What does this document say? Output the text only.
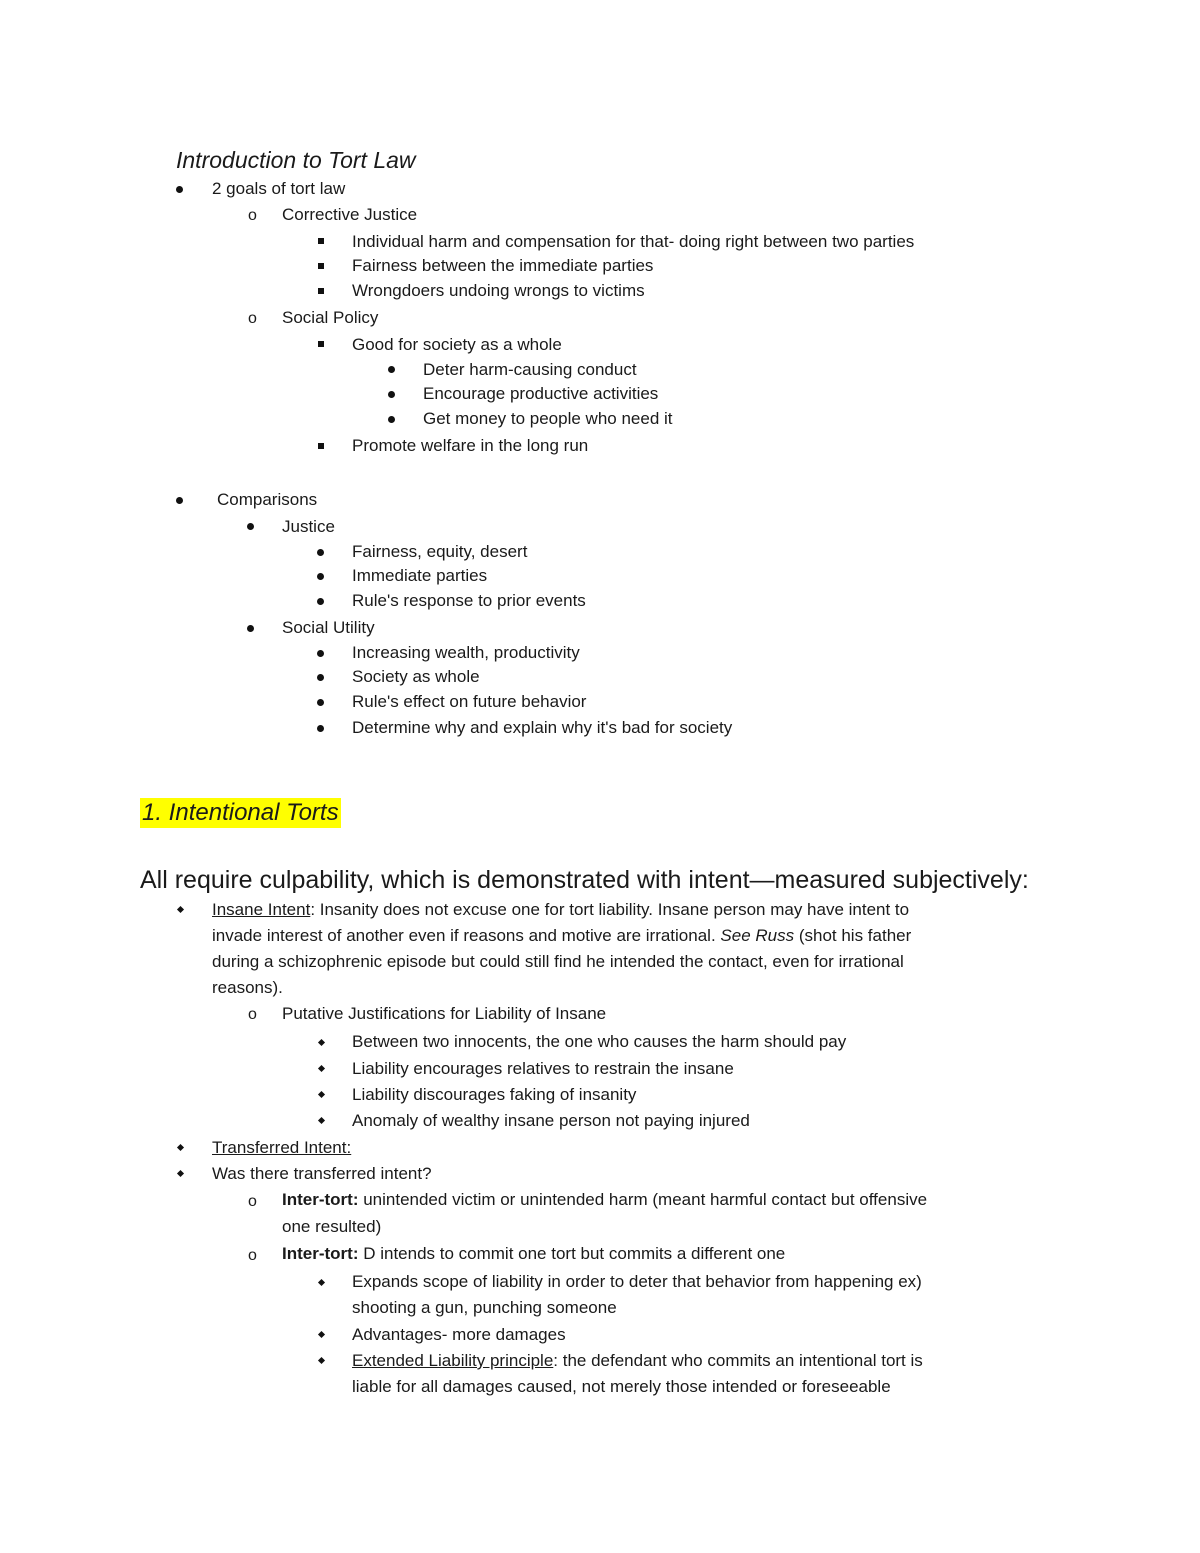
Introduction to Tort Law
2 goals of tort law
o Corrective Justice
Individual harm and compensation for that- doing right between two parties
Fairness between the immediate parties
Wrongdoers undoing wrongs to victims
o Social Policy
Good for society as a whole
Deter harm-causing conduct
Encourage productive activities
Get money to people who need it
Promote welfare in the long run
Comparisons
Justice
Fairness, equity, desert
Immediate parties
Rule's response to prior events
Social Utility
Increasing wealth, productivity
Society as whole
Rule's effect on future behavior
Determine why and explain why it's bad for society
1. Intentional Torts
All require culpability, which is demonstrated with intent—measured subjectively:
Insane Intent: Insanity does not excuse one for tort liability. Insane person may have intent to
invade interest of another even if reasons and motive are irrational. See Russ (shot his father
during a schizophrenic episode but could still find he intended the contact, even for irrational
reasons).
o Putative Justifications for Liability of Insane
Between two innocents, the one who causes the harm should pay
Liability encourages relatives to restrain the insane
Liability discourages faking of insanity
Anomaly of wealthy insane person not paying injured
Transferred Intent:
Was there transferred intent?
o Inter-tort: unintended victim or unintended harm (meant harmful contact but offensive
one resulted)
o Inter-tort: D intends to commit one tort but commits a different one
Expands scope of liability in order to deter that behavior from happening ex)
shooting a gun, punching someone
Advantages- more damages
Extended Liability principle: the defendant who commits an intentional tort is
liable for all damages caused, not merely those intended or foreseeable
